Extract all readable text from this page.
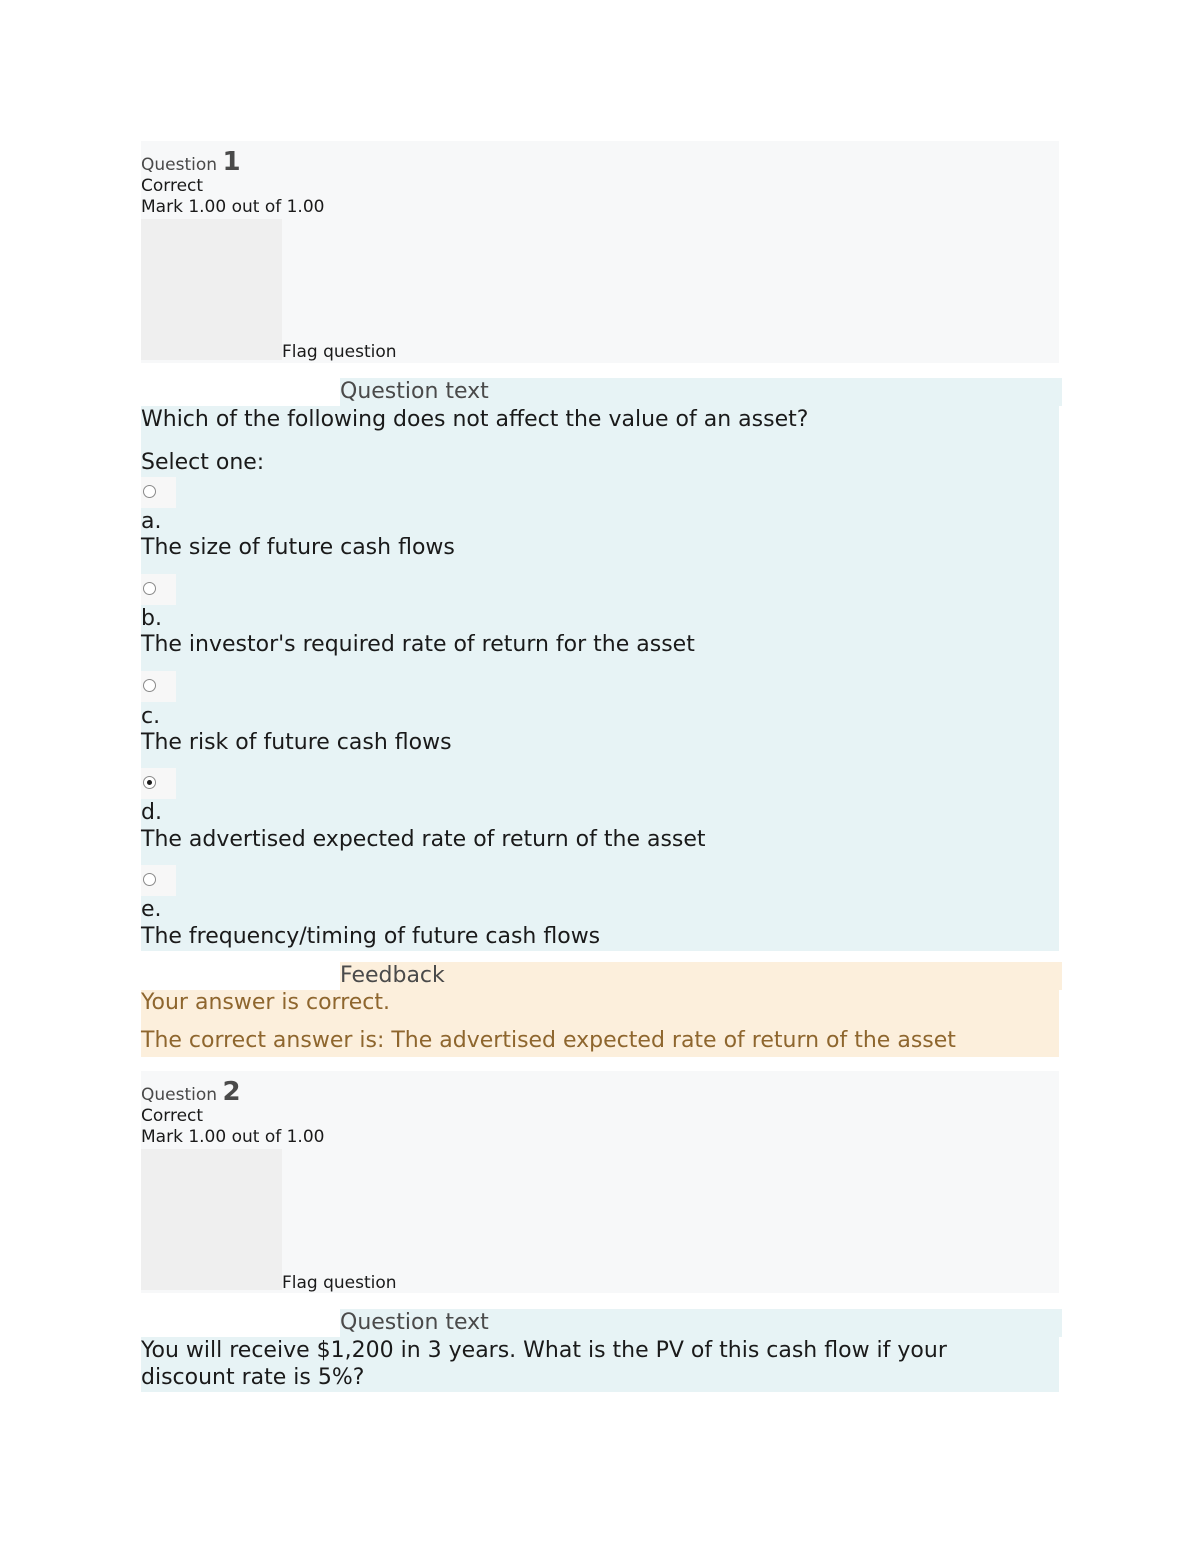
Question 1
Correct
Mark 1.00 out of 1.00
Flag question
Question text
Which of the following does not affect the value of an asset?
Select one:
a.
The size of future cash flows
b.
The investor's required rate of return for the asset
c.
The risk of future cash flows
d.
The advertised expected rate of return of the asset
e.
The frequency/timing of future cash flows
Feedback
Your answer is correct.
The correct answer is: The advertised expected rate of return of the asset
Question 2
Correct
Mark 1.00 out of 1.00
Flag question
Question text
You will receive $1,200 in 3 years. What is the PV of this cash flow if your
discount rate is 5%?
